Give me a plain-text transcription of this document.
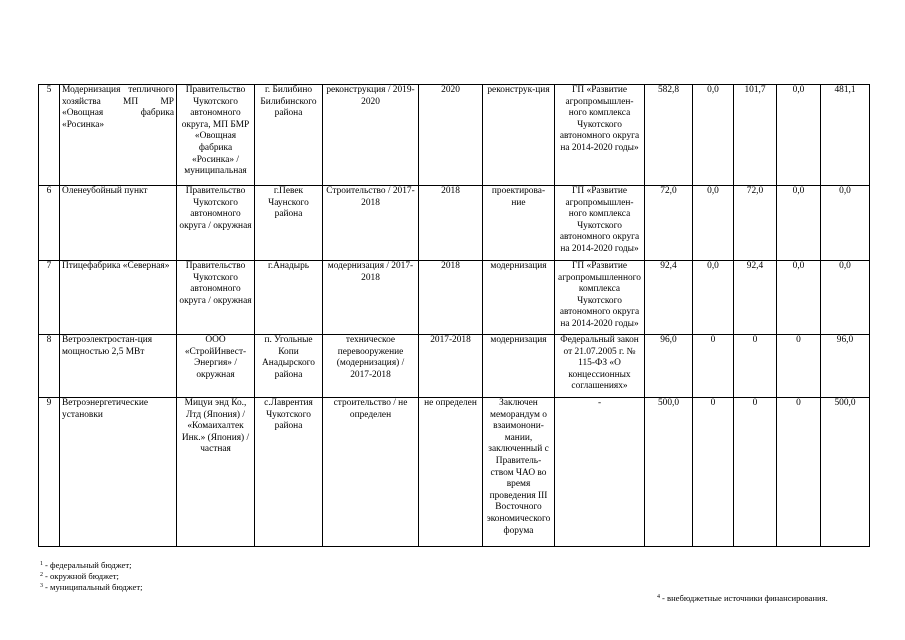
5	Модернизация тепличного хозяйства МП МР «Овощная фабрика «Росинка»	Правительство Чукотского автономного округа, МП БМР «Овощная фабрика «Росинка» / муниципальная	г. Билибино Билибинского района	реконструкция / 2019-2020	2020	реконструк-ция	ГП «Развитие агропромышлен-ного комплекса Чукотского автономного округа на 2014-2020 годы»	582,8	0,0	101,7	0,0	481,1
6	Оленеубойный пункт	Правительство Чукотского автономного округа / окружная	г.Певек Чаунского района	Строительство / 2017-2018	2018	проектирова-ние	ГП «Развитие агропромышлен-ного комплекса Чукотского автономного округа на 2014-2020 годы»	72,0	0,0	72,0	0,0	0,0
7	Птицефабрика «Северная»	Правительство Чукотского автономного округа / окружная	г.Анадырь	модернизация / 2017-2018	2018	модернизация	ГП «Развитие агропромышленного комплекса Чукотского автономного округа на 2014-2020 годы»	92,4	0,0	92,4	0,0	0,0
8	Ветроэлектростан-ция мощностью 2,5 МВт	ООО «СтройИнвест-Энергия» / окружная	п. Угольные Копи Анадырского района	техническое перевооружение (модернизация) / 2017-2018	2017-2018	модернизация	Федеральный закон от 21.07.2005 г. № 115-ФЗ «О концессионных соглашениях»	96,0	0	0	0	96,0
9	Ветроэнергетические установки	Мицуи энд Ко., Лтд (Япония) / «Комаихалтек Инк.» (Япония) / частная	с.Лаврентия Чукотского района	строительство / не определен	не определен	Заключен меморандум о взаимонони-мании, заключенный с Правитель-ством ЧАО во время проведения III Восточного экономического форума	-	500,0	0	0	0	500,0
$^1$ - федеральный бюджет;
$^2$ - окружной бюджет;
$^3$ - муниципальный бюджет;
$^4$ - внебюджетные источники финансирования.
